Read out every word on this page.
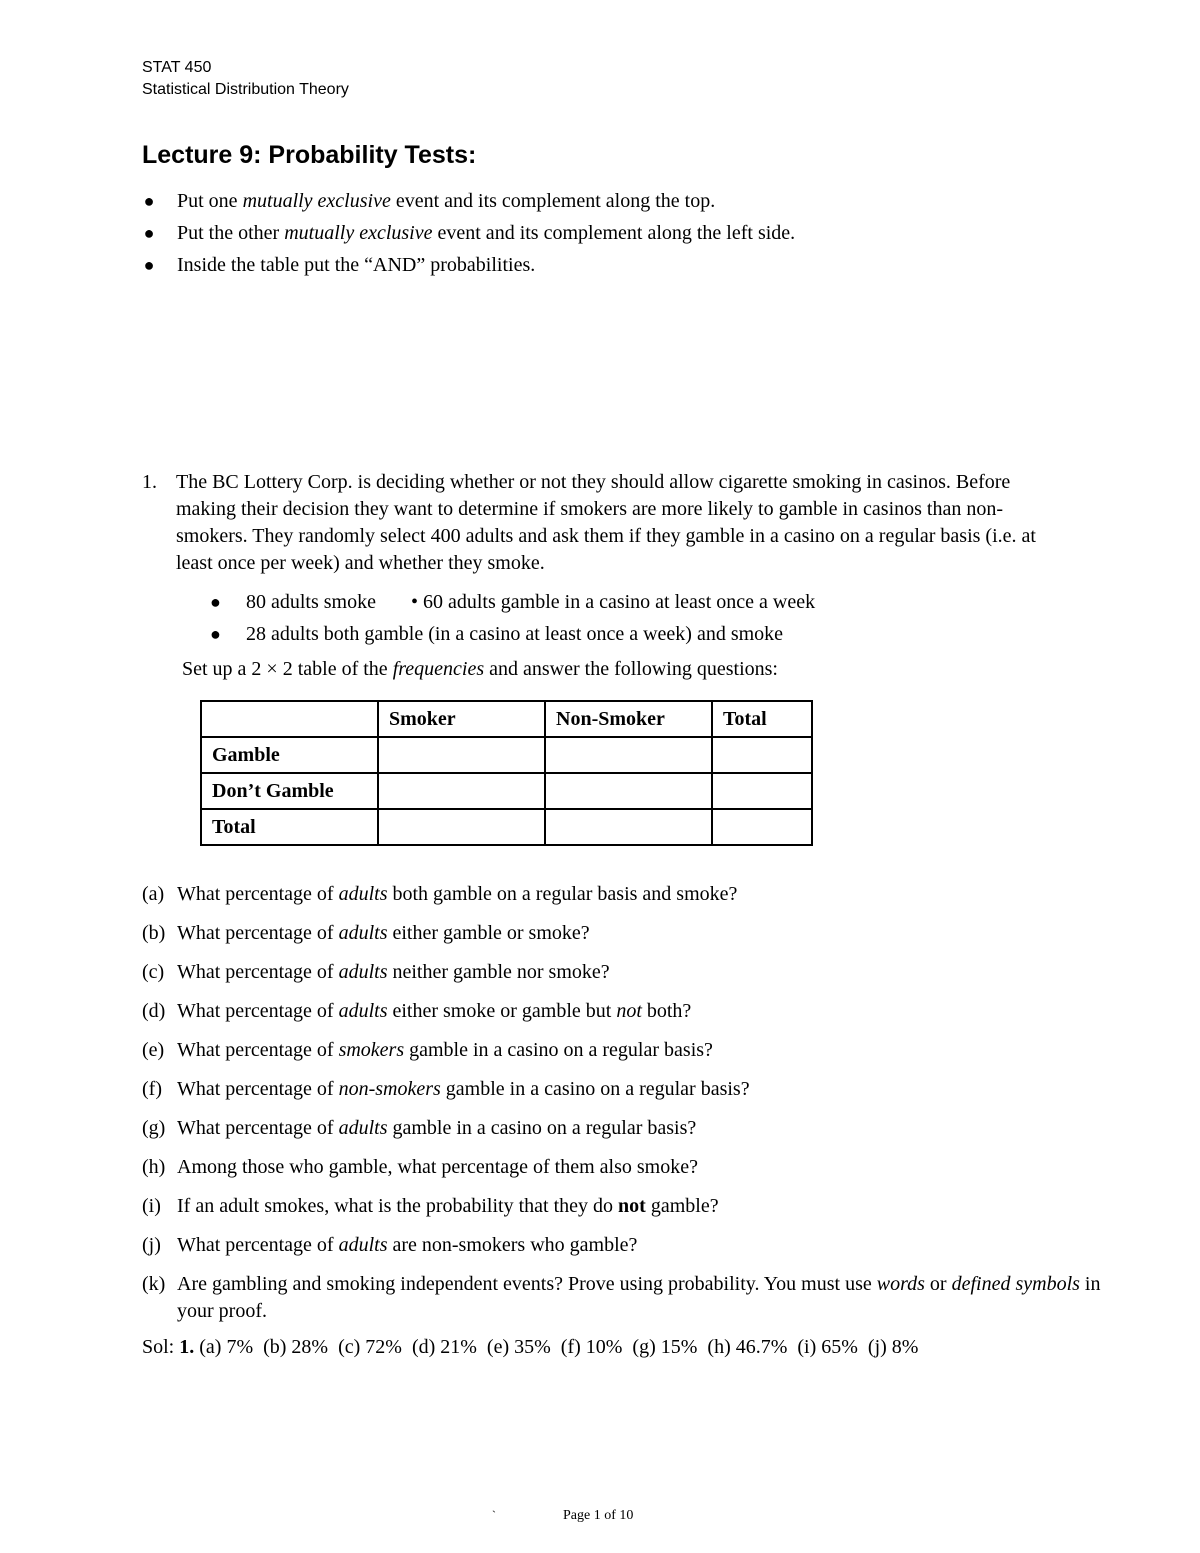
STAT 450
Statistical Distribution Theory
Lecture 9: Probability Tests:
● Put one mutually exclusive event and its complement along the top.
● Put the other mutually exclusive event and its complement along the left side.
● Inside the table put the “AND” probabilities.
1. The BC Lottery Corp. is deciding whether or not they should allow cigarette smoking in casinos. Before making their decision they want to determine if smokers are more likely to gamble in casinos than non-smokers. They randomly select 400 adults and ask them if they gamble in a casino on a regular basis (i.e. at least once per week) and whether they smoke.
● 80 adults smoke       • 60 adults gamble in a casino at least once a week
● 28 adults both gamble (in a casino at least once a week) and smoke
Set up a 2 × 2 table of the frequencies and answer the following questions:
	Smoker	Non-Smoker	Total
Gamble			
Don’t Gamble			
Total			
(a) What percentage of adults both gamble on a regular basis and smoke?
(b) What percentage of adults either gamble or smoke?
(c) What percentage of adults neither gamble nor smoke?
(d) What percentage of adults either smoke or gamble but not both?
(e) What percentage of smokers gamble in a casino on a regular basis?
(f) What percentage of non-smokers gamble in a casino on a regular basis?
(g) What percentage of adults gamble in a casino on a regular basis?
(h) Among those who gamble, what percentage of them also smoke?
(i) If an adult smokes, what is the probability that they do not gamble?
(j) What percentage of adults are non-smokers who gamble?
(k) Are gambling and smoking independent events? Prove using probability. You must use words or defined symbols in your proof.
Sol: 1. (a) 7%  (b) 28%  (c) 72%  (d) 21%  (e) 35%  (f) 10%  (g) 15%  (h) 46.7%  (i) 65%  (j) 8%
`	Page 1 of 10
